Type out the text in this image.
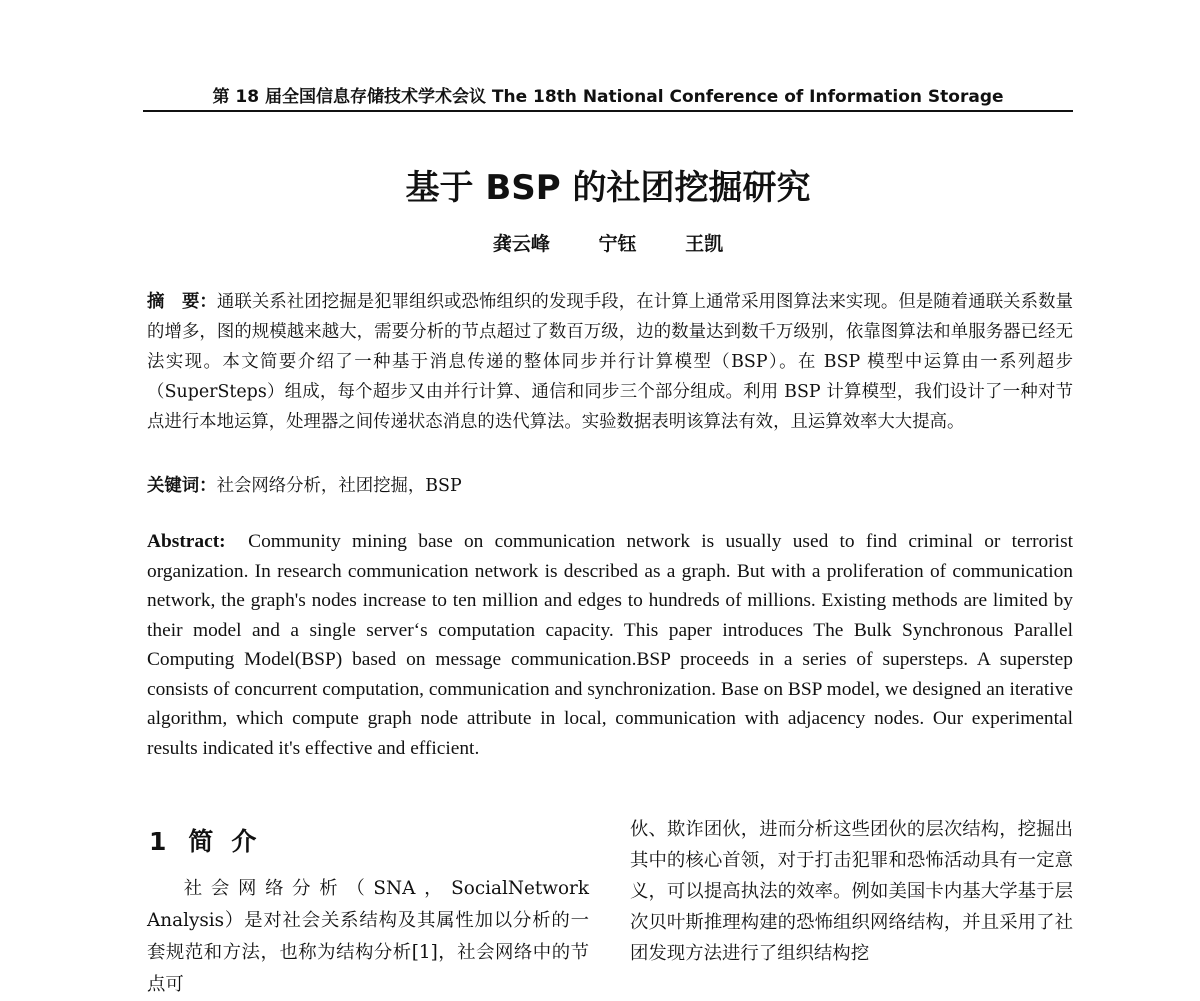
第 18 届全国信息存储技术学术会议 The 18th National Conference of Information Storage
基于 BSP 的社团挖掘研究
龚云峰	宁钰	王凯
摘　要：通联关系社团挖掘是犯罪组织或恐怖组织的发现手段，在计算上通常采用图算法来实现。但是随着通联关系数量的增多，图的规模越来越大，需要分析的节点超过了数百万级，边的数量达到数千万级别，依靠图算法和单服务器已经无法实现。本文简要介绍了一种基于消息传递的整体同步并行计算模型（BSP）。在 BSP 模型中运算由一系列超步（SuperSteps）组成，每个超步又由并行计算、通信和同步三个部分组成。利用 BSP 计算模型，我们设计了一种对节点进行本地运算，处理器之间传递状态消息的迭代算法。实验数据表明该算法有效，且运算效率大大提高。
关键词：社会网络分析，社团挖掘，BSP
Abstract: Community mining base on communication network is usually used to find criminal or terrorist organization. In research communication network is described as a graph. But with a proliferation of communication network, the graph's nodes increase to ten million and edges to hundreds of millions. Existing methods are limited by their model and a single server‘s computation capacity. This paper introduces The Bulk Synchronous Parallel Computing Model(BSP) based on message communication.BSP proceeds in a series of supersteps. A superstep consists of concurrent computation, communication and synchronization. Base on BSP model, we designed an iterative algorithm, which compute graph node attribute in local, communication with adjacency nodes. Our experimental results indicated it's effective and efficient.
1 简介
社会网络分析（SNA，SocialNetwork Analysis）是对社会关系结构及其属性加以分析的一套规范和方法，也称为结构分析[1]，社会网络中的节点可
伙、欺诈团伙，进而分析这些团伙的层次结构，挖掘出其中的核心首领，对于打击犯罪和恐怖活动具有一定意义，可以提高执法的效率。例如美国卡内基大学基于层次贝叶斯推理构建的恐怖组织网络结构，并且采用了社团发现方法进行了组织结构挖
